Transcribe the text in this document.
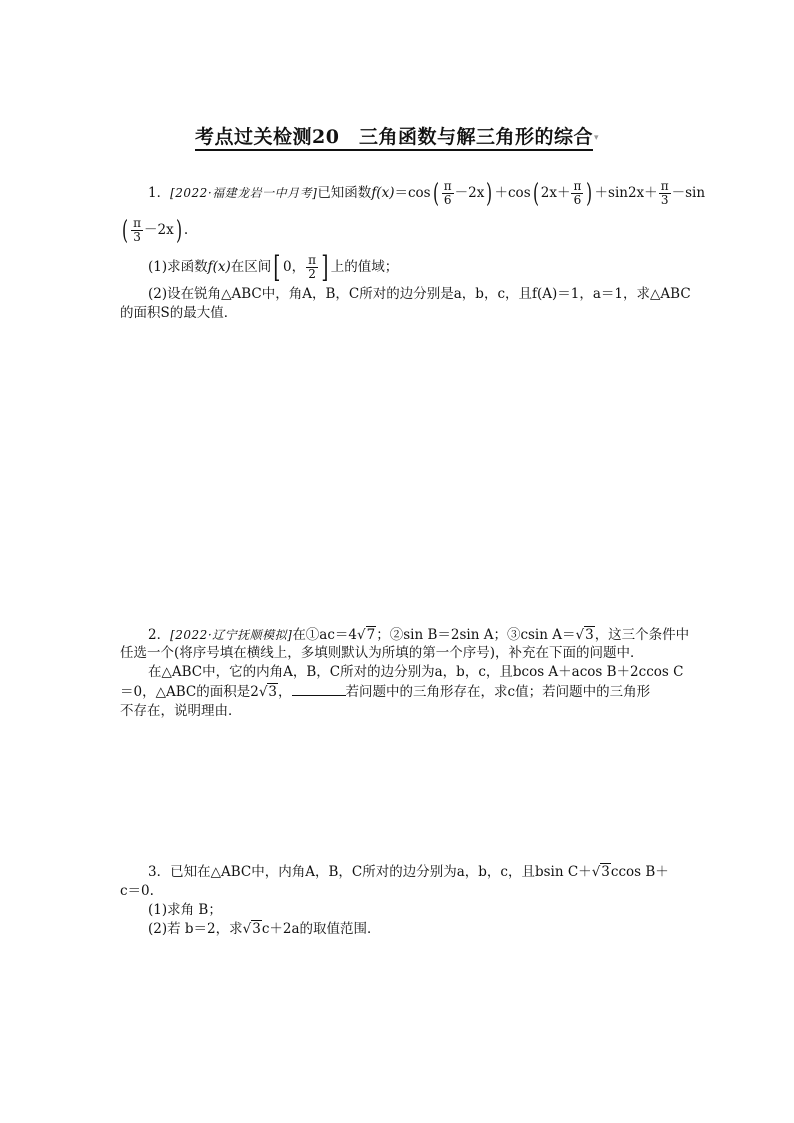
考点过关检测20　三角函数与解三角形的综合▾
1．[2022·福建龙岩一中月考]已知函数$f(x)=\cos( \frac{\pi}{6} -2x) +\cos$( $2x+ \frac{\pi}{6}$ ) $+\sin 2x+ \frac{\pi}{3} -\sin$
( $\frac{\pi}{3} -2x$) .
(1)求函数f(x)在区间[ 0， $\frac{\pi}{2}$ ] 上的值域；
(2)设在锐角△ABC中，角A，B，C所对的边分别是a，b，c，且f(A)＝1，a＝1，求△ABC
的面积S的最大值．
2．[2022·辽宁抚顺模拟]在①ac＝4√7；②sin B＝2sin A；③csin A＝√3，这三个条件中
任选一个(将序号填在横线上，多填则默认为所填的第一个序号)，补充在下面的问题中．
在△ABC中，它的内角A，B，C所对的边分别为a，b，c，且bcos A＋acos B＋2ccos C
＝0，△ABC的面积是2√3，	若问题中的三角形存在，求c值；若问题中的三角形
不存在，说明理由．
3．已知在△ABC中，内角A，B，C所对的边分别为a，b，c，且bsin C＋√3ccos B＋
c＝0.
(1)求角 B；
(2)若 b＝2，求√3c＋2a的取值范围．
